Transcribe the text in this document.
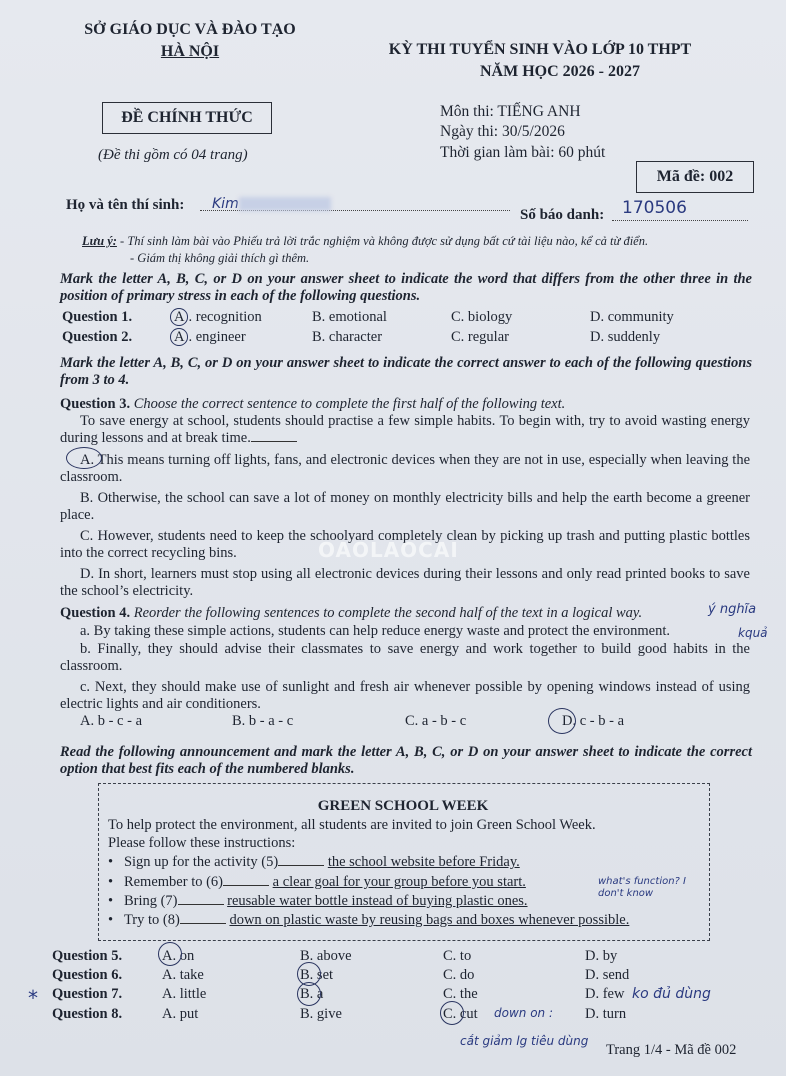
SỞ GIÁO DỤC VÀ ĐÀO TẠO
HÀ NỘI	KỲ THI TUYỂN SINH VÀO LỚP 10 THPT
NĂM HỌC 2026 - 2027
ĐỀ CHÍNH THỨC
(Đề thi gồm có 04 trang)
Môn thi: TIẾNG ANH
Ngày thi: 30/5/2026
Thời gian làm bài: 60 phút
Mã đề: 002
Họ và tên thí sinh: Kim
Số báo danh: 170506
Lưu ý: - Thí sinh làm bài vào Phiếu trả lời trắc nghiệm và không được sử dụng bất cứ tài liệu nào, kể cả từ điển.
- Giám thị không giải thích gì thêm.
Mark the letter A, B, C, or D on your answer sheet to indicate the word that differs from the other three in the position of primary stress in each of the following questions.
Question 1.	A . recognition	B. emotional	C. biology	D. community
Question 2.	A . engineer	B. character	C. regular	D. suddenly
Mark the letter A, B, C, or D on your answer sheet to indicate the correct answer to each of the following questions from 3 to 4.
Question 3. Choose the correct sentence to complete the first half of the following text.
To save energy at school, students should practise a few simple habits. To begin with, try to avoid wasting energy during lessons and at break time.
A. This means turning off lights, fans, and electronic devices when they are not in use, especially when leaving the classroom.
B. Otherwise, the school can save a lot of money on monthly electricity bills and help the earth become a greener place.
C. However, students need to keep the schoolyard completely clean by picking up trash and putting plastic bottles into the correct recycling bins.
D. In short, learners must stop using all electronic devices during their lessons and only read printed books to save the school’s electricity.
Question 4. Reorder the following sentences to complete the second half of the text in a logical way.
a. By taking these simple actions, students can help reduce energy waste and protect the environment.
b. Finally, they should advise their classmates to save energy and work together to build good habits in the classroom.
c. Next, they should make use of sunlight and fresh air whenever possible by opening windows instead of using electric lights and air conditioners.
A. b - c - a	B. b - a - c	C. a - b - c	D. c - b - a
Read the following announcement and mark the letter A, B, C, or D on your answer sheet to indicate the correct option that best fits each of the numbered blanks.
GREEN SCHOOL WEEK
To help protect the environment, all students are invited to join Green School Week.
Please follow these instructions:
•   Sign up for the activity (5)	the school website before Friday.
•   Remember to (6)	a clear goal for your group before you start.
•   Bring (7)	reusable water bottle instead of buying plastic ones.
•   Try to (8)	down on plastic waste by reusing bags and boxes whenever possible.
Question 5.	A. on	B. above	C. to	D. by
Question 6.	A. take	B. set	C. do	D. send
* Question 7.	A. little	B. a	C. the	D. few
Question 8.	A. put	B. give	C. cut	D. turn
Trang 1/4 - Mã đề 002
OAOLAOCAI
ý nghĩa
kquả
what's function? I don't know
ko đủ dùng
down on :
cắt giảm lg tiêu dùng
